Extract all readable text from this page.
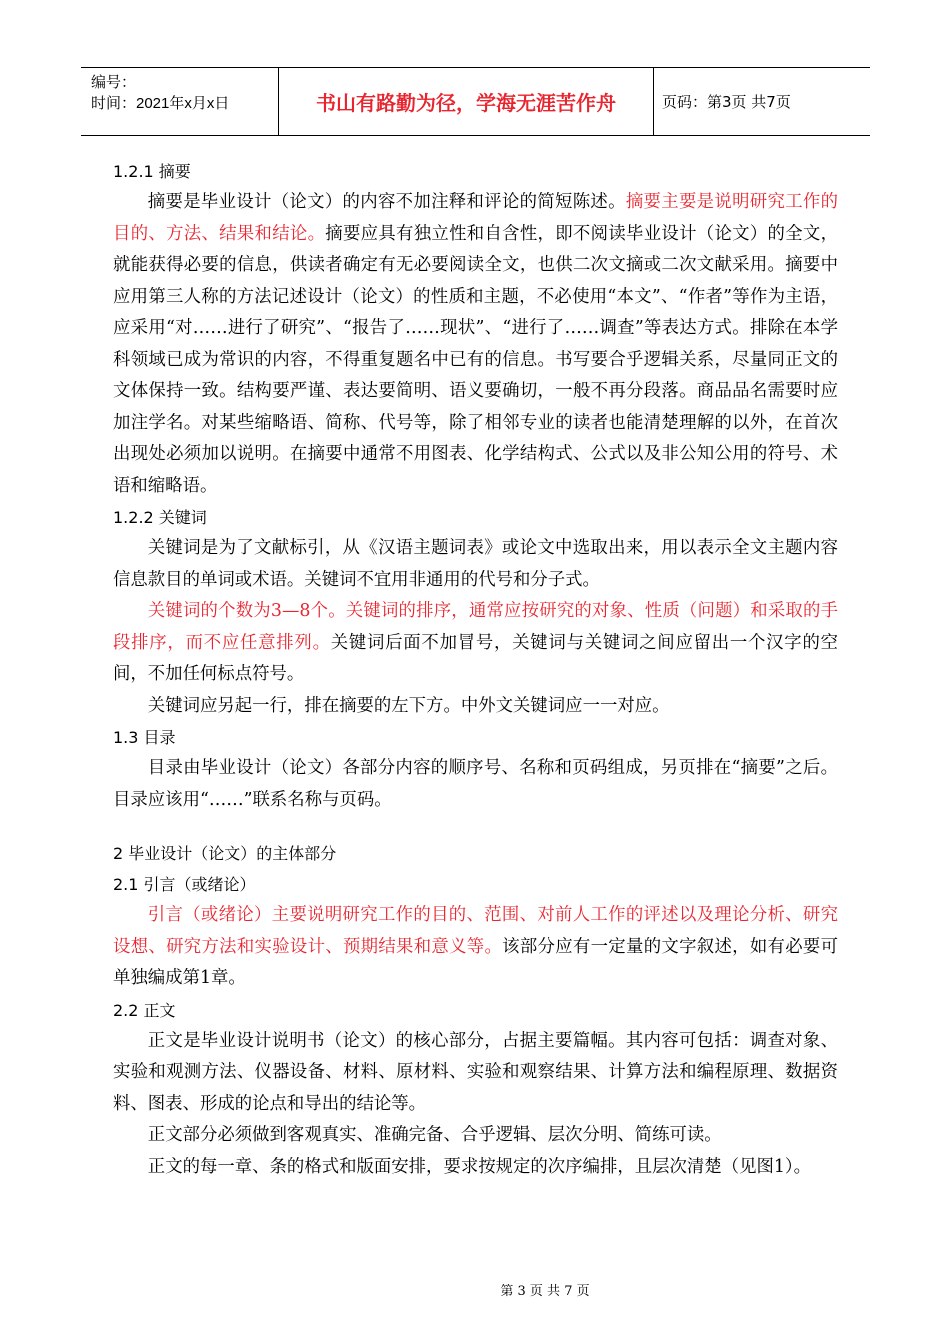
编号：
时间：2021年x月x日	书山有路勤为径，学海无涯苦作舟	页码：第3页 共7页

1.2.1 摘要

摘要是毕业设计（论文）的内容不加注释和评论的简短陈述。摘要主要是说明研究工作的目的、方法、结果和结论。摘要应具有独立性和自含性，即不阅读毕业设计（论文）的全文，就能获得必要的信息，供读者确定有无必要阅读全文，也供二次文摘或二次文献采用。摘要中应用第三人称的方法记述设计（论文）的性质和主题，不必使用“本文”、“作者”等作为主语，应采用“对……进行了研究”、“报告了……现状”、“进行了……调查”等表达方式。排除在本学科领域已成为常识的内容，不得重复题名中已有的信息。书写要合乎逻辑关系，尽量同正文的文体保持一致。结构要严谨、表达要简明、语义要确切，一般不再分段落。商品品名需要时应加注学名。对某些缩略语、简称、代号等，除了相邻专业的读者也能清楚理解的以外，在首次出现处必须加以说明。在摘要中通常不用图表、化学结构式、公式以及非公知公用的符号、术语和缩略语。

1.2.2 关键词

关键词是为了文献标引，从《汉语主题词表》或论文中选取出来，用以表示全文主题内容信息款目的单词或术语。关键词不宜用非通用的代号和分子式。

关键词的个数为3—8个。关键词的排序，通常应按研究的对象、性质（问题）和采取的手段排序，而不应任意排列。关键词后面不加冒号，关键词与关键词之间应留出一个汉字的空间，不加任何标点符号。

关键词应另起一行，排在摘要的左下方。中外文关键词应一一对应。

1.3 目录

目录由毕业设计（论文）各部分内容的顺序号、名称和页码组成，另页排在“摘要”之后。目录应该用“……”联系名称与页码。

2 毕业设计（论文）的主体部分

2.1 引言（或绪论）

引言（或绪论）主要说明研究工作的目的、范围、对前人工作的评述以及理论分析、研究设想、研究方法和实验设计、预期结果和意义等。该部分应有一定量的文字叙述，如有必要可单独编成第1章。

2.2 正文

正文是毕业设计说明书（论文）的核心部分，占据主要篇幅。其内容可包括：调查对象、实验和观测方法、仪器设备、材料、原材料、实验和观察结果、计算方法和编程原理、数据资料、图表、形成的论点和导出的结论等。

正文部分必须做到客观真实、准确完备、合乎逻辑、层次分明、简练可读。

正文的每一章、条的格式和版面安排，要求按规定的次序编排，且层次清楚（见图1）。

第 3 页 共 7 页
